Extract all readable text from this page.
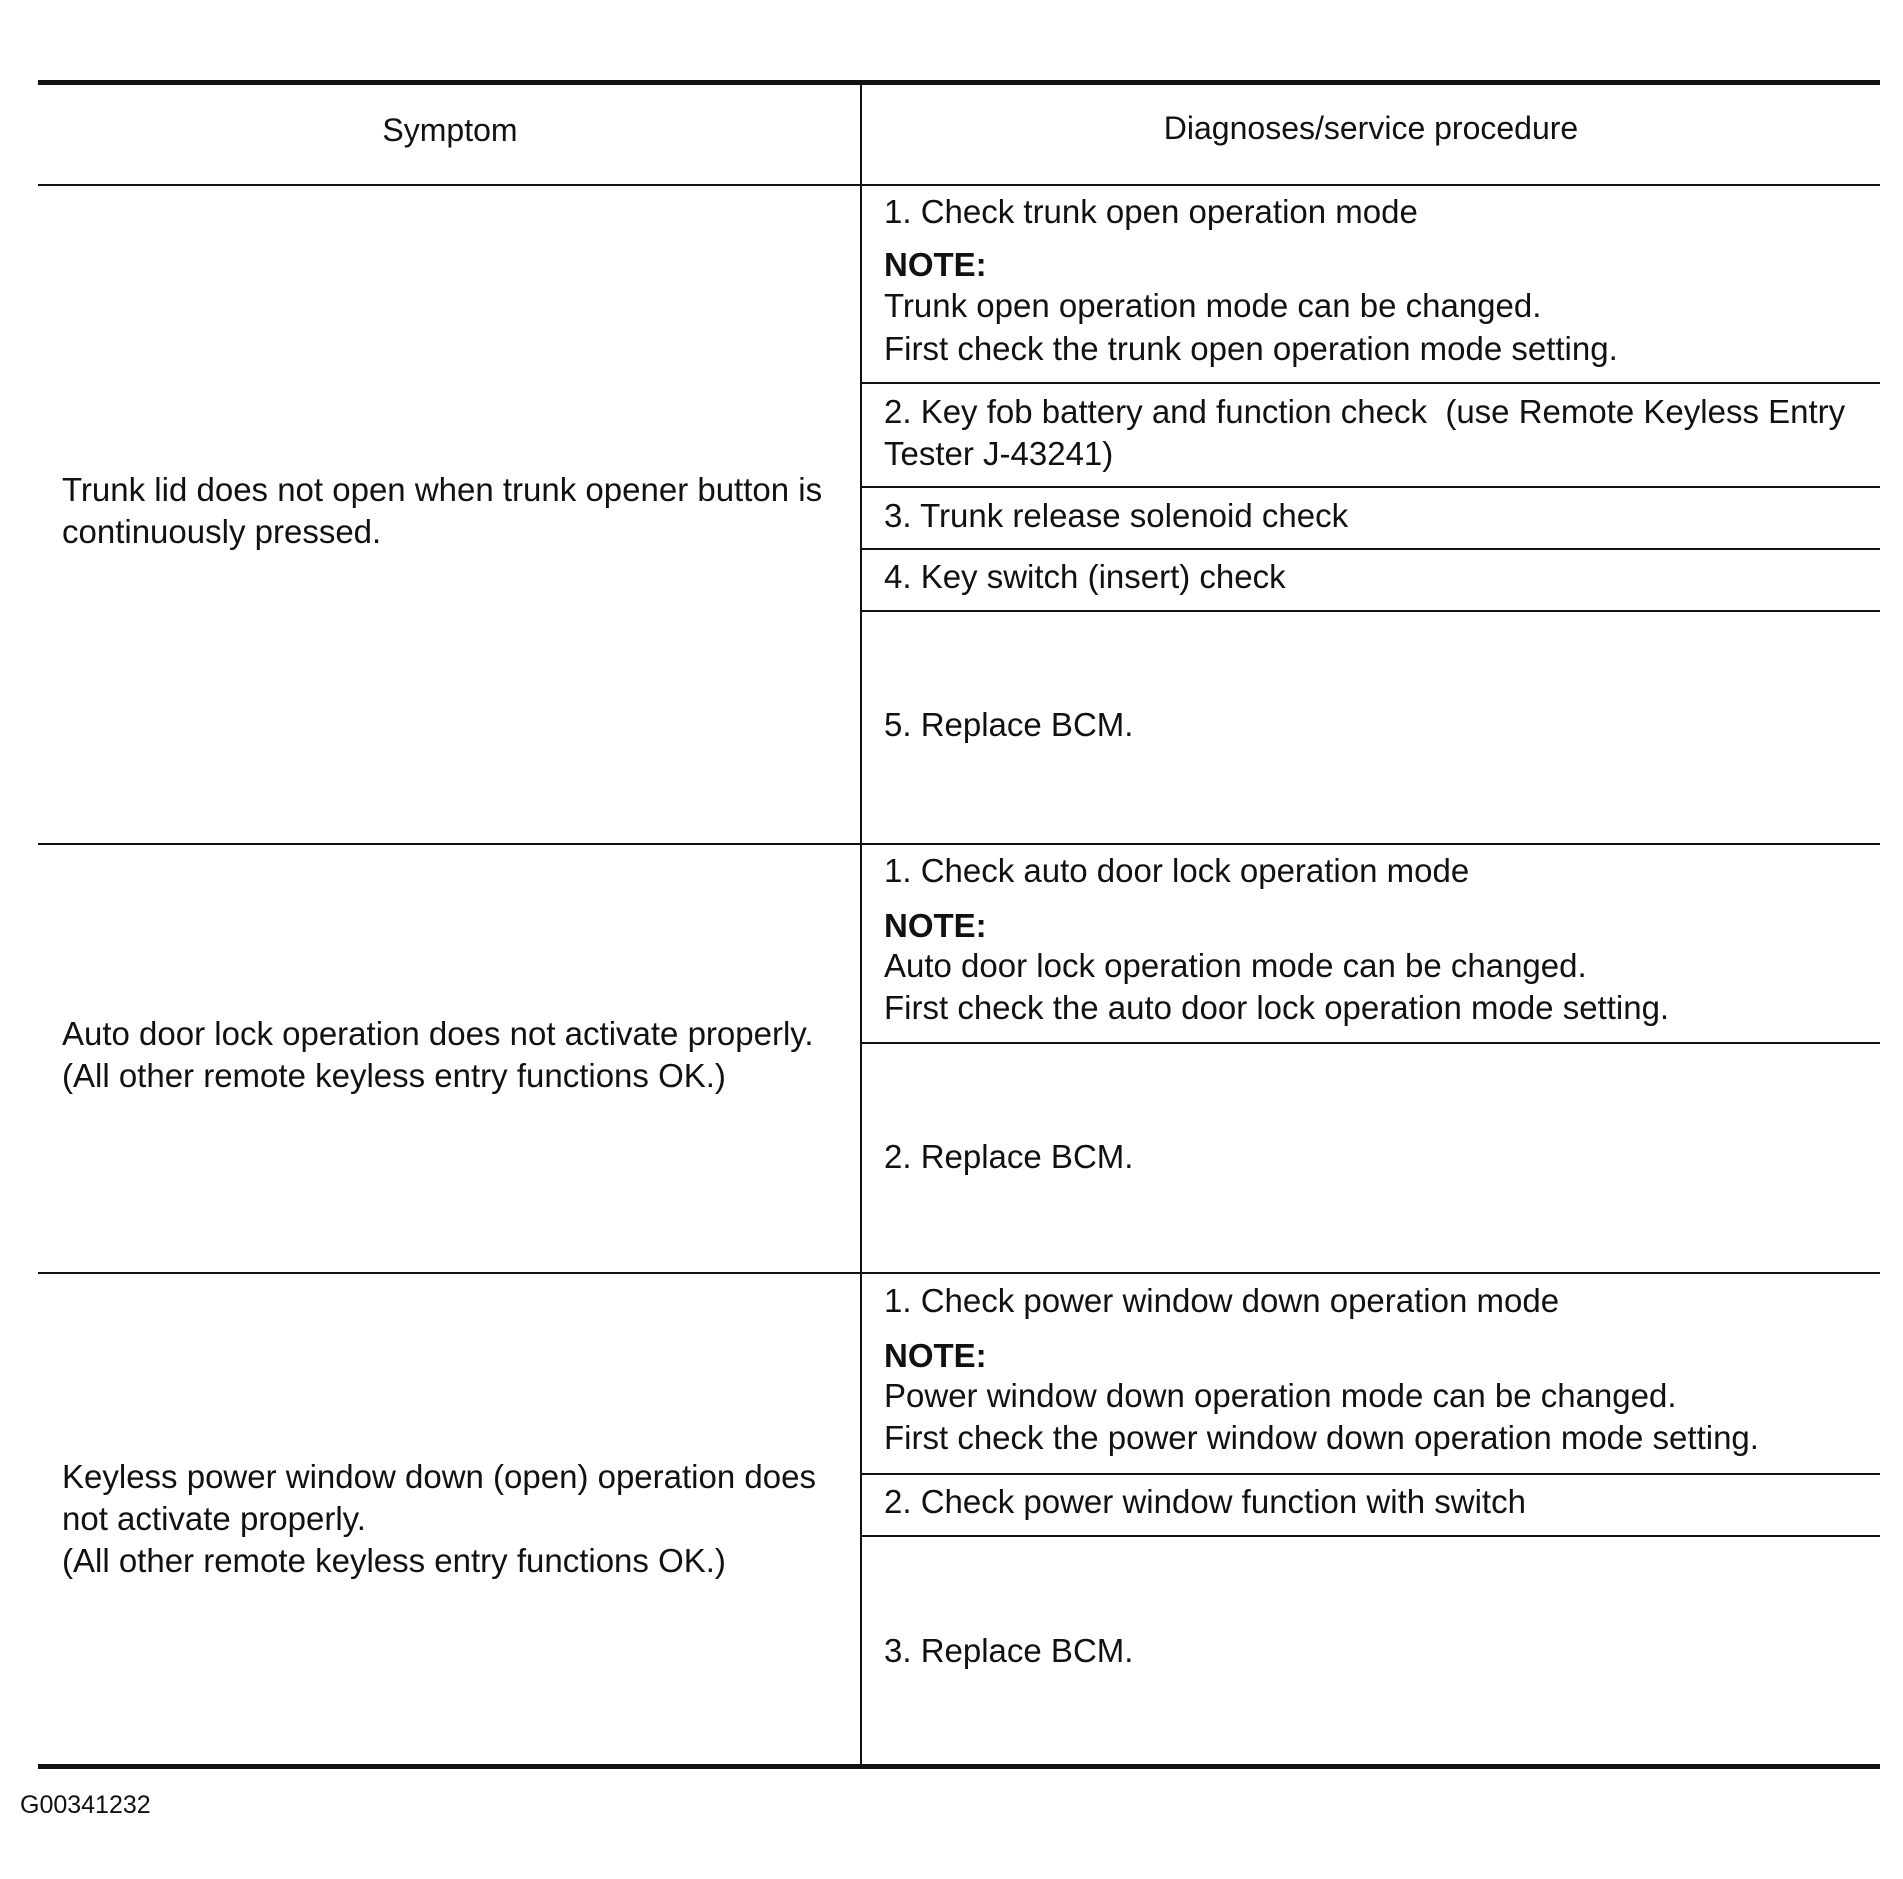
Symptom	Diagnoses/service procedure
Trunk lid does not open when trunk opener button is
continuously pressed.
1. Check trunk open operation mode
NOTE:
Trunk open operation mode can be changed.
First check the trunk open operation mode setting.
2. Key fob battery and function check  (use Remote Keyless Entry
Tester J-43241)
3. Trunk release solenoid check
4. Key switch (insert) check
5. Replace BCM.
Auto door lock operation does not activate properly.
(All other remote keyless entry functions OK.)
1. Check auto door lock operation mode
NOTE:
Auto door lock operation mode can be changed.
First check the auto door lock operation mode setting.
2. Replace BCM.
Keyless power window down (open) operation does
not activate properly.
(All other remote keyless entry functions OK.)
1. Check power window down operation mode
NOTE:
Power window down operation mode can be changed.
First check the power window down operation mode setting.
2. Check power window function with switch
3. Replace BCM.
G00341232
